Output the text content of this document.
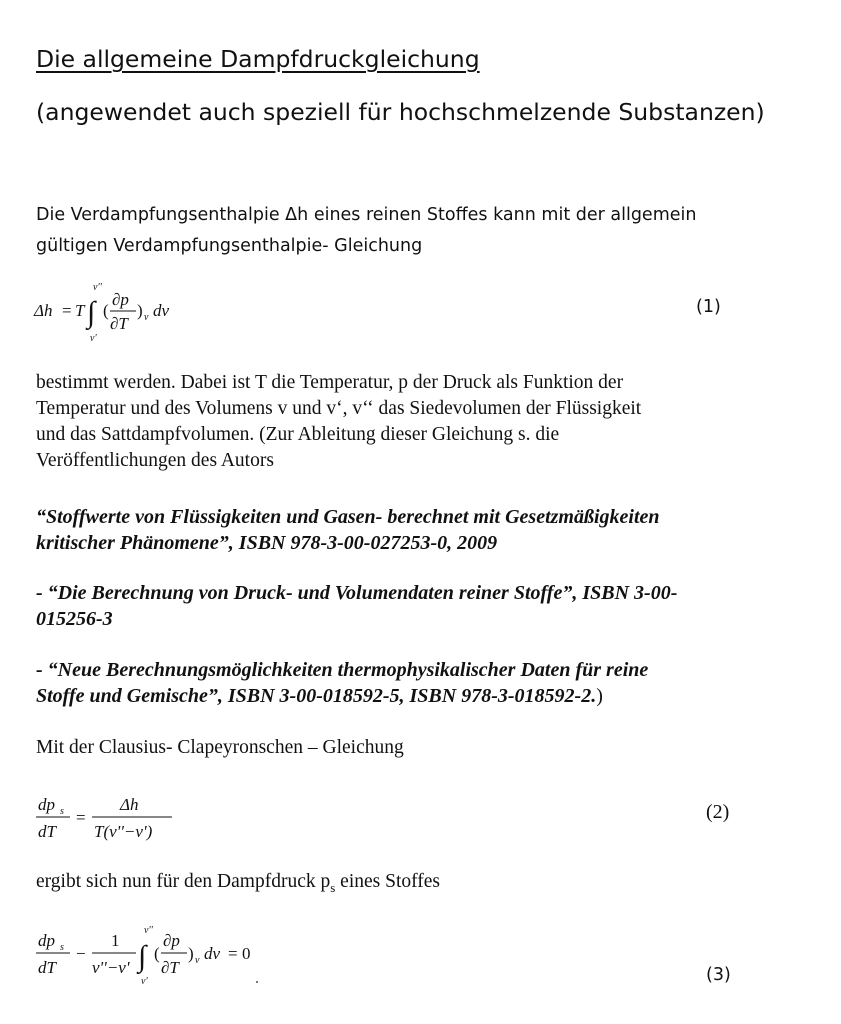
Die allgemeine Dampfdruckgleichung
(angewendet auch speziell für hochschmelzende Substanzen)
Die Verdampfungsenthalpie Δh eines reinen Stoffes kann mit der allgemein
gültigen Verdampfungsenthalpie- Gleichung
Δh = T ∫
v''
v'
(
∂p
∂T
) v dv	(1)
bestimmt werden. Dabei ist T die Temperatur, p der Druck als Funktion der
Temperatur und des Volumens v und v‘, v‘‘ das Siedevolumen der Flüssigkeit
und das Sattdampfvolumen. (Zur Ableitung dieser Gleichung s. die
Veröffentlichungen des Autors
“Stoffwerte von Flüssigkeiten und Gasen- berechnet mit Gesetzmäßigkeiten
kritischer Phänomene”, ISBN 978-3-00-027253-0, 2009
- “Die Berechnung von Druck- und Volumendaten reiner Stoffe”, ISBN 3-00-
015256-3
- “Neue Berechnungsmöglichkeiten thermophysikalischer Daten für reine
Stoffe und Gemische”, ISBN 3-00-018592-5, ISBN 978-3-018592-2.)
Mit der Clausius- Clapeyronschen – Gleichung
dp s
dT
=
Δh
T(v''−v')
(2)
ergibt sich nun für den Dampfdruck $p_s$ eines Stoffes
dp s
dT
−
1
v''−v' ∫
v''
v'
(
∂p
∂T
) v dv = 0
(3)
